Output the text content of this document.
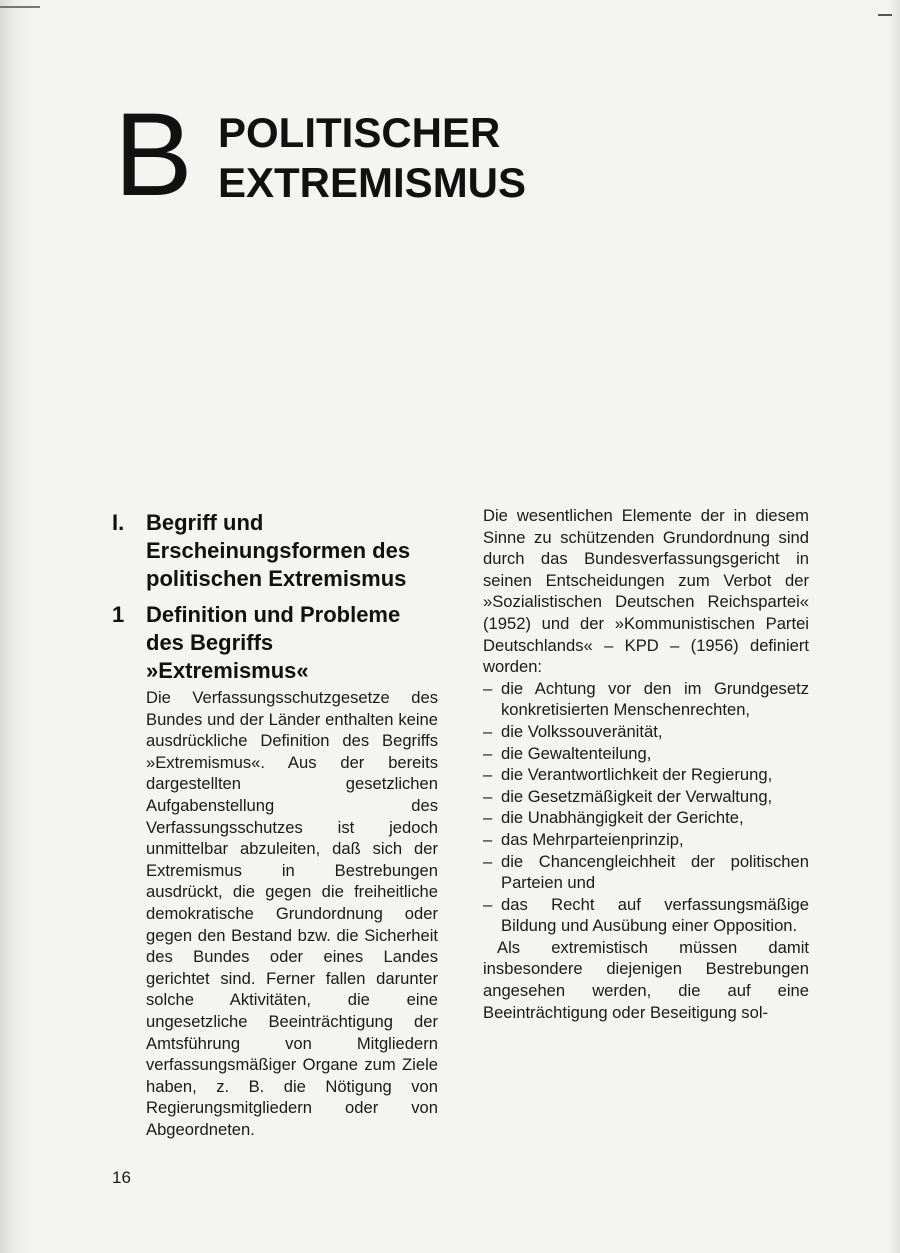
B POLITISCHER
EXTREMISMUS
I. Begriff und Erscheinungsformen des politischen Extremismus
1 Definition und Probleme des Begriffs »Extremismus«

Die Verfassungsschutzgesetze des Bundes und der Länder enthalten keine ausdrückliche Definition des Begriffs »Extremismus«. Aus der bereits dargestellten gesetzlichen Aufgabenstellung des Verfassungsschutzes ist jedoch unmittelbar abzuleiten, daß sich der Extremismus in Bestrebungen ausdrückt, die gegen die freiheitliche demokratische Grundordnung oder gegen den Bestand bzw. die Sicherheit des Bundes oder eines Landes gerichtet sind. Ferner fallen darunter solche Aktivitäten, die eine ungesetzliche Beeinträchtigung der Amtsführung von Mitgliedern verfassungsmäßiger Organe zum Ziele haben, z. B. die Nötigung von Regierungsmitgliedern oder von Abgeordneten.

Die wesentlichen Elemente der in diesem Sinne zu schützenden Grundordnung sind durch das Bundesverfassungsgericht in seinen Entscheidungen zum Verbot der »Sozialistischen Deutschen Reichspartei« (1952) und der »Kommunistischen Partei Deutschlands« – KPD – (1956) definiert worden:

– die Achtung vor den im Grundgesetz konkretisierten Menschenrechten,
– die Volkssouveränität,
– die Gewaltenteilung,
– die Verantwortlichkeit der Regierung,
– die Gesetzmäßigkeit der Verwaltung,
– die Unabhängigkeit der Gerichte,
– das Mehrparteienprinzip,
– die Chancengleichheit der politischen Parteien und
– das Recht auf verfassungsmäßige Bildung und Ausübung einer Opposition.

Als extremistisch müssen damit insbesondere diejenigen Bestrebungen angesehen werden, die auf eine Beeinträchtigung oder Beseitigung sol-

16
